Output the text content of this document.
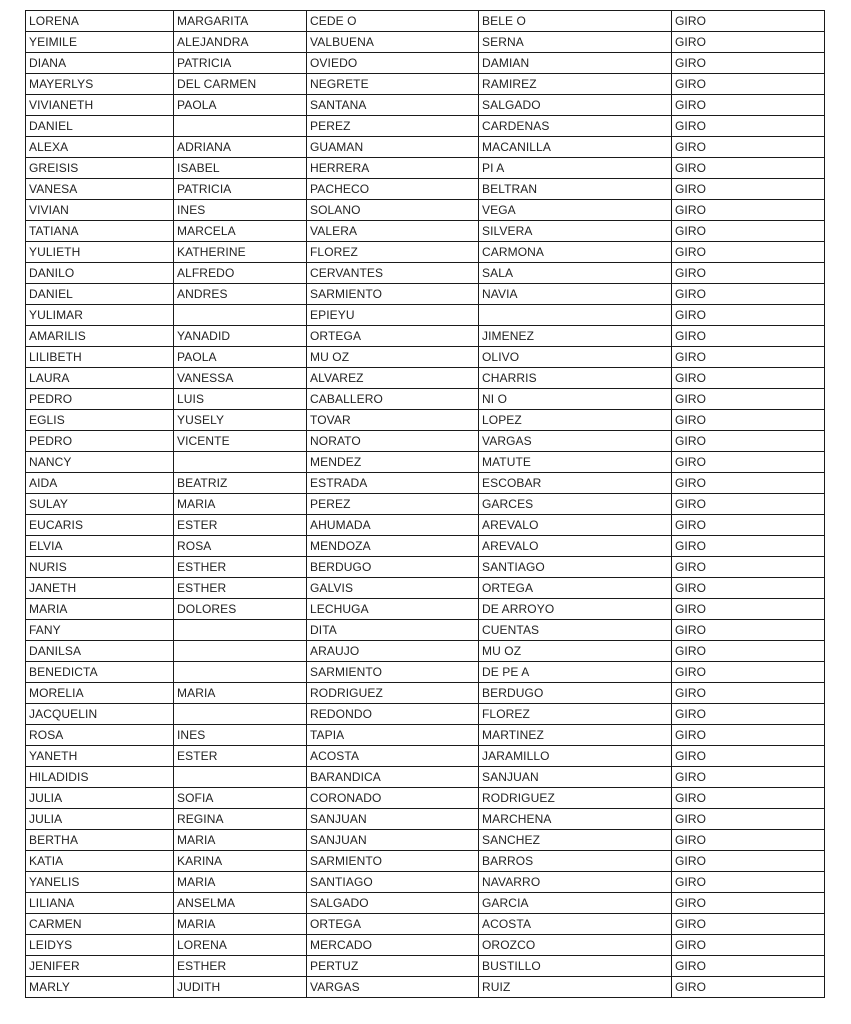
LORENA	MARGARITA	CEDE O	BELE O	GIRO
YEIMILE	ALEJANDRA	VALBUENA	SERNA	GIRO
DIANA	PATRICIA	OVIEDO	DAMIAN	GIRO
MAYERLYS	DEL CARMEN	NEGRETE	RAMIREZ	GIRO
VIVIANETH	PAOLA	SANTANA	SALGADO	GIRO
DANIEL		PEREZ	CARDENAS	GIRO
ALEXA	ADRIANA	GUAMAN	MACANILLA	GIRO
GREISIS	ISABEL	HERRERA	PI A	GIRO
VANESA	PATRICIA	PACHECO	BELTRAN	GIRO
VIVIAN	INES	SOLANO	VEGA	GIRO
TATIANA	MARCELA	VALERA	SILVERA	GIRO
YULIETH	KATHERINE	FLOREZ	CARMONA	GIRO
DANILO	ALFREDO	CERVANTES	SALA	GIRO
DANIEL	ANDRES	SARMIENTO	NAVIA	GIRO
YULIMAR		EPIEYU		GIRO
AMARILIS	YANADID	ORTEGA	JIMENEZ	GIRO
LILIBETH	PAOLA	MU OZ	OLIVO	GIRO
LAURA	VANESSA	ALVAREZ	CHARRIS	GIRO
PEDRO	LUIS	CABALLERO	NI O	GIRO
EGLIS	YUSELY	TOVAR	LOPEZ	GIRO
PEDRO	VICENTE	NORATO	VARGAS	GIRO
NANCY		MENDEZ	MATUTE	GIRO
AIDA	BEATRIZ	ESTRADA	ESCOBAR	GIRO
SULAY	MARIA	PEREZ	GARCES	GIRO
EUCARIS	ESTER	AHUMADA	AREVALO	GIRO
ELVIA	ROSA	MENDOZA	AREVALO	GIRO
NURIS	ESTHER	BERDUGO	SANTIAGO	GIRO
JANETH	ESTHER	GALVIS	ORTEGA	GIRO
MARIA	DOLORES	LECHUGA	DE ARROYO	GIRO
FANY		DITA	CUENTAS	GIRO
DANILSA		ARAUJO	MU OZ	GIRO
BENEDICTA		SARMIENTO	DE PE A	GIRO
MORELIA	MARIA	RODRIGUEZ	BERDUGO	GIRO
JACQUELIN		REDONDO	FLOREZ	GIRO
ROSA	INES	TAPIA	MARTINEZ	GIRO
YANETH	ESTER	ACOSTA	JARAMILLO	GIRO
HILADIDIS		BARANDICA	SANJUAN	GIRO
JULIA	SOFIA	CORONADO	RODRIGUEZ	GIRO
JULIA	REGINA	SANJUAN	MARCHENA	GIRO
BERTHA	MARIA	SANJUAN	SANCHEZ	GIRO
KATIA	KARINA	SARMIENTO	BARROS	GIRO
YANELIS	MARIA	SANTIAGO	NAVARRO	GIRO
LILIANA	ANSELMA	SALGADO	GARCIA	GIRO
CARMEN	MARIA	ORTEGA	ACOSTA	GIRO
LEIDYS	LORENA	MERCADO	OROZCO	GIRO
JENIFER	ESTHER	PERTUZ	BUSTILLO	GIRO
MARLY	JUDITH	VARGAS	RUIZ	GIRO
